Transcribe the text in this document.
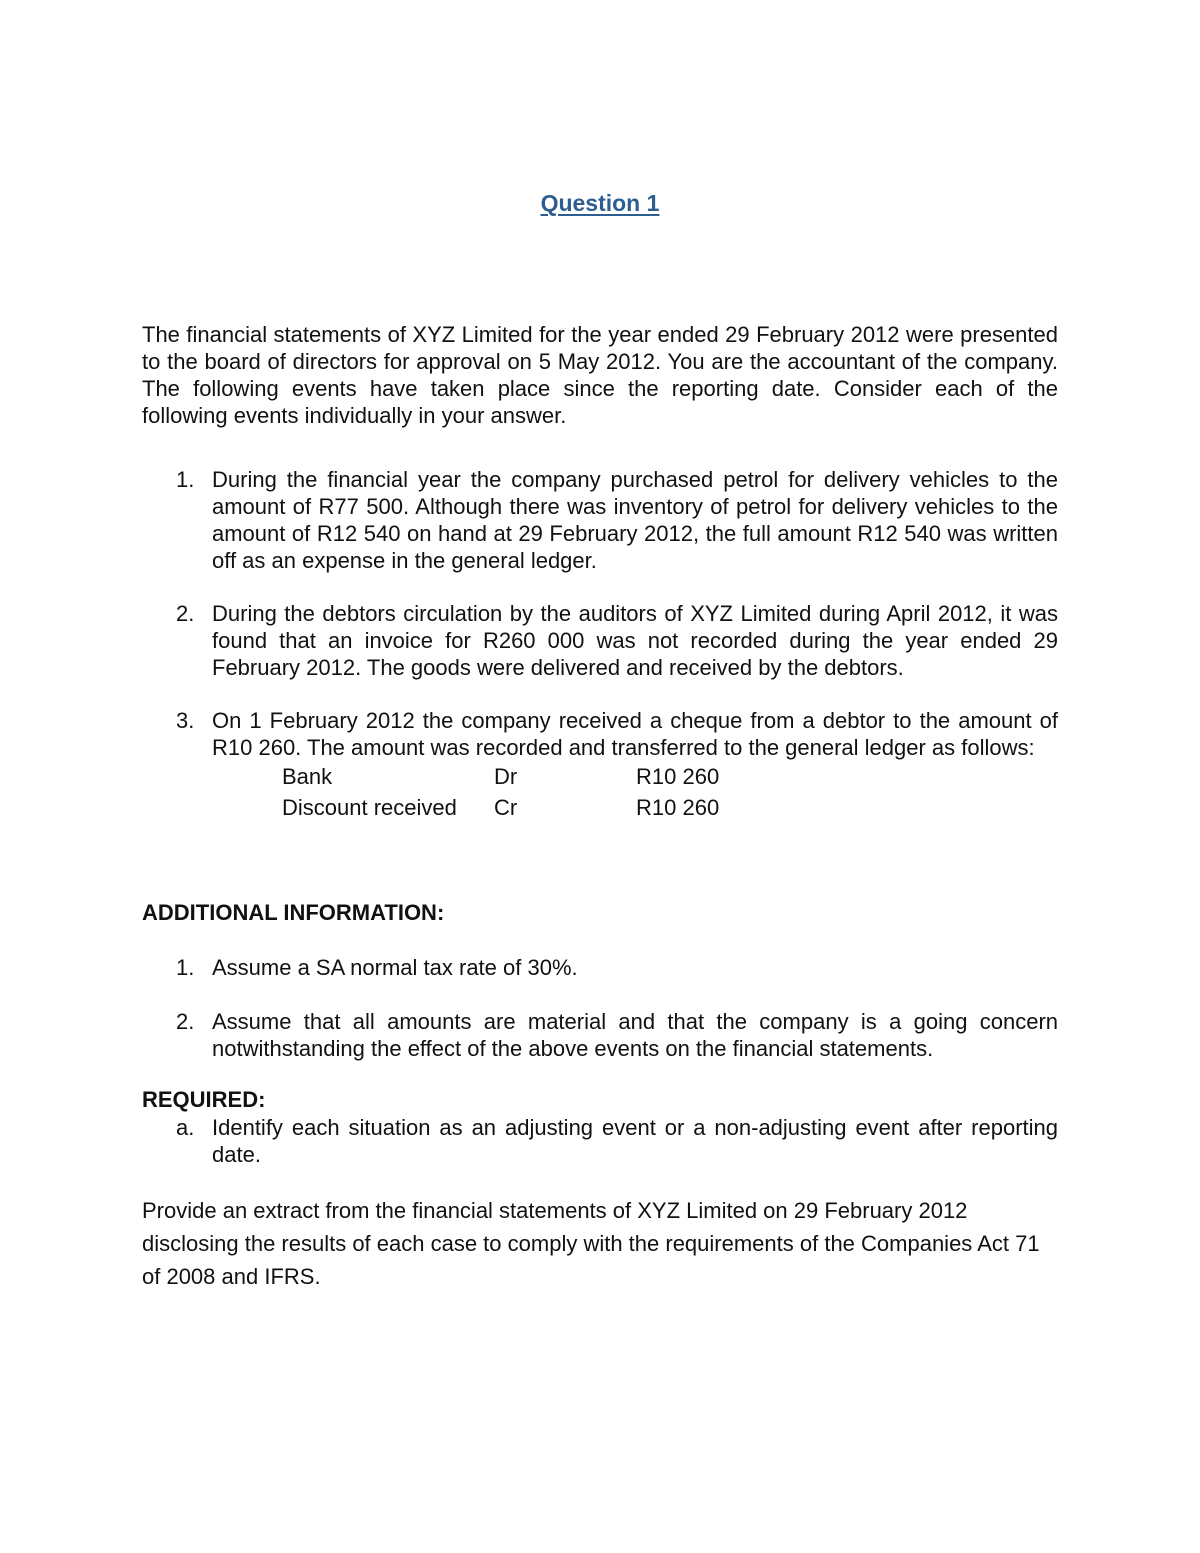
Question 1
The financial statements of XYZ Limited for the year ended 29 February 2012 were presented to the board of directors for approval on 5 May 2012. You are the accountant of the company. The following events have taken place since the reporting date. Consider each of the following events individually in your answer.
1. During the financial year the company purchased petrol for delivery vehicles to the amount of R77 500. Although there was inventory of petrol for delivery vehicles to the amount of R12 540 on hand at 29 February 2012, the full amount R12 540 was written off as an expense in the general ledger.
2. During the debtors circulation by the auditors of XYZ Limited during April 2012, it was found that an invoice for R260 000 was not recorded during the year ended 29 February 2012. The goods were delivered and received by the debtors.
3. On 1 February 2012 the company received a cheque from a debtor to the amount of R10 260. The amount was recorded and transferred to the general ledger as follows:
Bank	Dr	R10 260
Discount received	Cr	R10 260
ADDITIONAL INFORMATION:
1. Assume a SA normal tax rate of 30%.
2. Assume that all amounts are material and that the company is a going concern notwithstanding the effect of the above events on the financial statements.
REQUIRED:
a. Identify each situation as an adjusting event or a non-adjusting event after reporting date.
Provide an extract from the financial statements of XYZ Limited on 29 February 2012 disclosing the results of each case to comply with the requirements of the Companies Act 71 of 2008 and IFRS.
